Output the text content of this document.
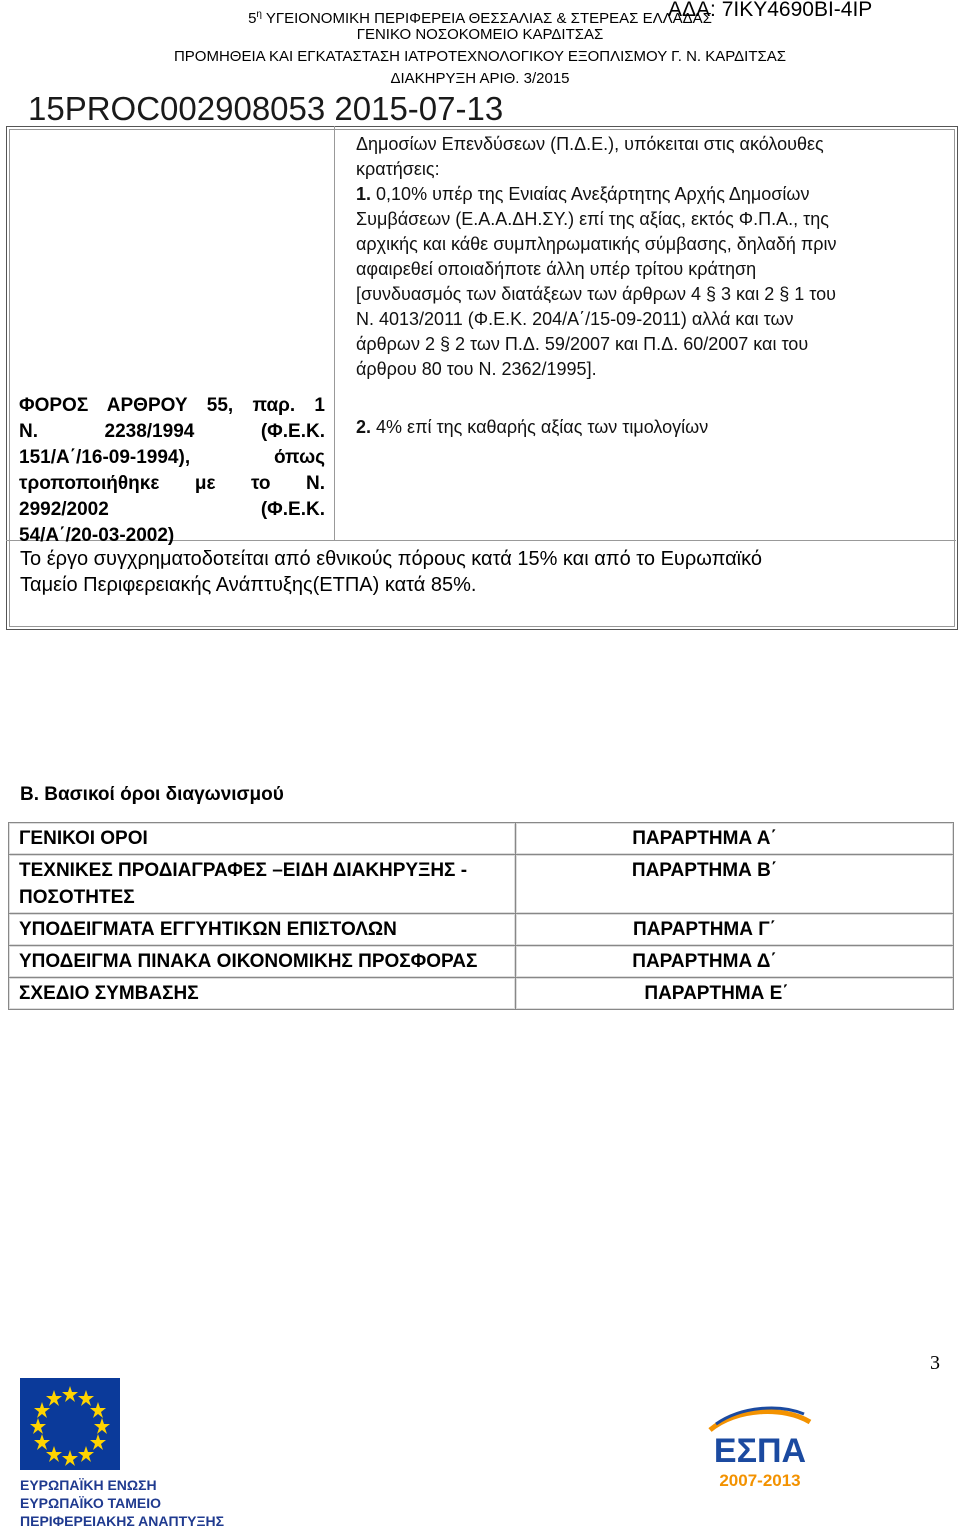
$5^\eta$ ΥΓΕΙΟΝΟΜΙΚΗ ΠΕΡΙΦΕΡΕΙΑ ΘΕΣΣΑΛΙΑΣ & ΣΤΕΡΕΑΣ ΕΛΛΑΔΑΣ
ΑΔΑ: 7ΙΚΥ4690ΒΙ-4ΙΡ
ΓΕΝΙΚΟ ΝΟΣΟΚΟΜΕΙΟ ΚΑΡΔΙΤΣΑΣ
ΠΡΟΜΗΘΕΙΑ ΚΑΙ ΕΓΚΑΤΑΣΤΑΣΗ ΙΑΤΡΟΤΕΧΝΟΛΟΓΙΚΟΥ ΕΞΟΠΛΙΣΜΟΥ Γ. Ν. ΚΑΡΔΙΤΣΑΣ
ΔΙΑΚΗΡΥΞΗ ΑΡΙΘ. 3/2015
15PROC002908053 2015-07-13
ΦΟΡΟΣ ΑΡΘΡΟΥ 55, παρ. 1
Ν. 2238/1994 (Φ.Ε.Κ.
151/Α΄/16-09-1994), όπως
τροποποιήθηκε με το Ν.
2992/2002 (Φ.Ε.Κ.
54/Α΄/20-03-2002)
Δημοσίων Επενδύσεων (Π.Δ.Ε.), υπόκειται στις ακόλουθες
κρατήσεις:
1. 0,10% υπέρ της Ενιαίας Ανεξάρτητης Αρχής Δημοσίων
Συμβάσεων (Ε.Α.Α.ΔΗ.ΣΥ.) επί της αξίας, εκτός Φ.Π.Α., της
αρχικής και κάθε συμπληρωματικής σύμβασης, δηλαδή πριν
αφαιρεθεί οποιαδήποτε άλλη υπέρ τρίτου κράτηση
[συνδυασμός των διατάξεων των άρθρων 4 § 3 και 2 § 1 του
Ν. 4013/2011 (Φ.Ε.Κ. 204/Α΄/15-09-2011) αλλά και των
άρθρων 2 § 2 των Π.Δ. 59/2007 και Π.Δ. 60/2007 και του
άρθρου 80 του Ν. 2362/1995].
2. 4% επί της καθαρής αξίας των τιμολογίων
Το έργο συγχρηματοδοτείται από εθνικούς πόρους κατά 15% και από το Ευρωπαϊκό
Ταμείο Περιφερειακής Ανάπτυξης(ΕΤΠΑ) κατά 85%.
Β. Βασικοί όροι διαγωνισμού
ΓΕΝΙΚΟΙ ΟΡΟΙ	ΠΑΡΑΡΤΗΜΑ Α΄
ΤΕΧΝΙΚΕΣ ΠΡΟΔΙΑΓΡΑΦΕΣ –ΕΙΔΗ ΔΙΑΚΗΡΥΞΗΣ - ΠΟΣΟΤΗΤΕΣ	ΠΑΡΑΡΤΗΜΑ Β΄
ΥΠΟΔΕΙΓΜΑΤΑ ΕΓΓΥΗΤΙΚΩΝ ΕΠΙΣΤΟΛΩΝ	ΠΑΡΑΡΤΗΜΑ Γ΄
ΥΠΟΔΕΙΓΜΑ ΠΙΝΑΚΑ ΟΙΚΟΝΟΜΙΚΗΣ ΠΡΟΣΦΟΡΑΣ	ΠΑΡΑΡΤΗΜΑ Δ΄
ΣΧΕΔΙΟ ΣΥΜΒΑΣΗΣ	ΠΑΡΑΡΤΗΜΑ Ε΄
3
ΕΥΡΩΠΑΪΚΗ ΕΝΩΣΗ
ΕΥΡΩΠΑΪΚΟ ΤΑΜΕΙΟ
ΠΕΡΙΦΕΡΕΙΑΚΗΣ ΑΝΑΠΤΥΞΗΣ
ΕΣΠΑ
2007-2013
